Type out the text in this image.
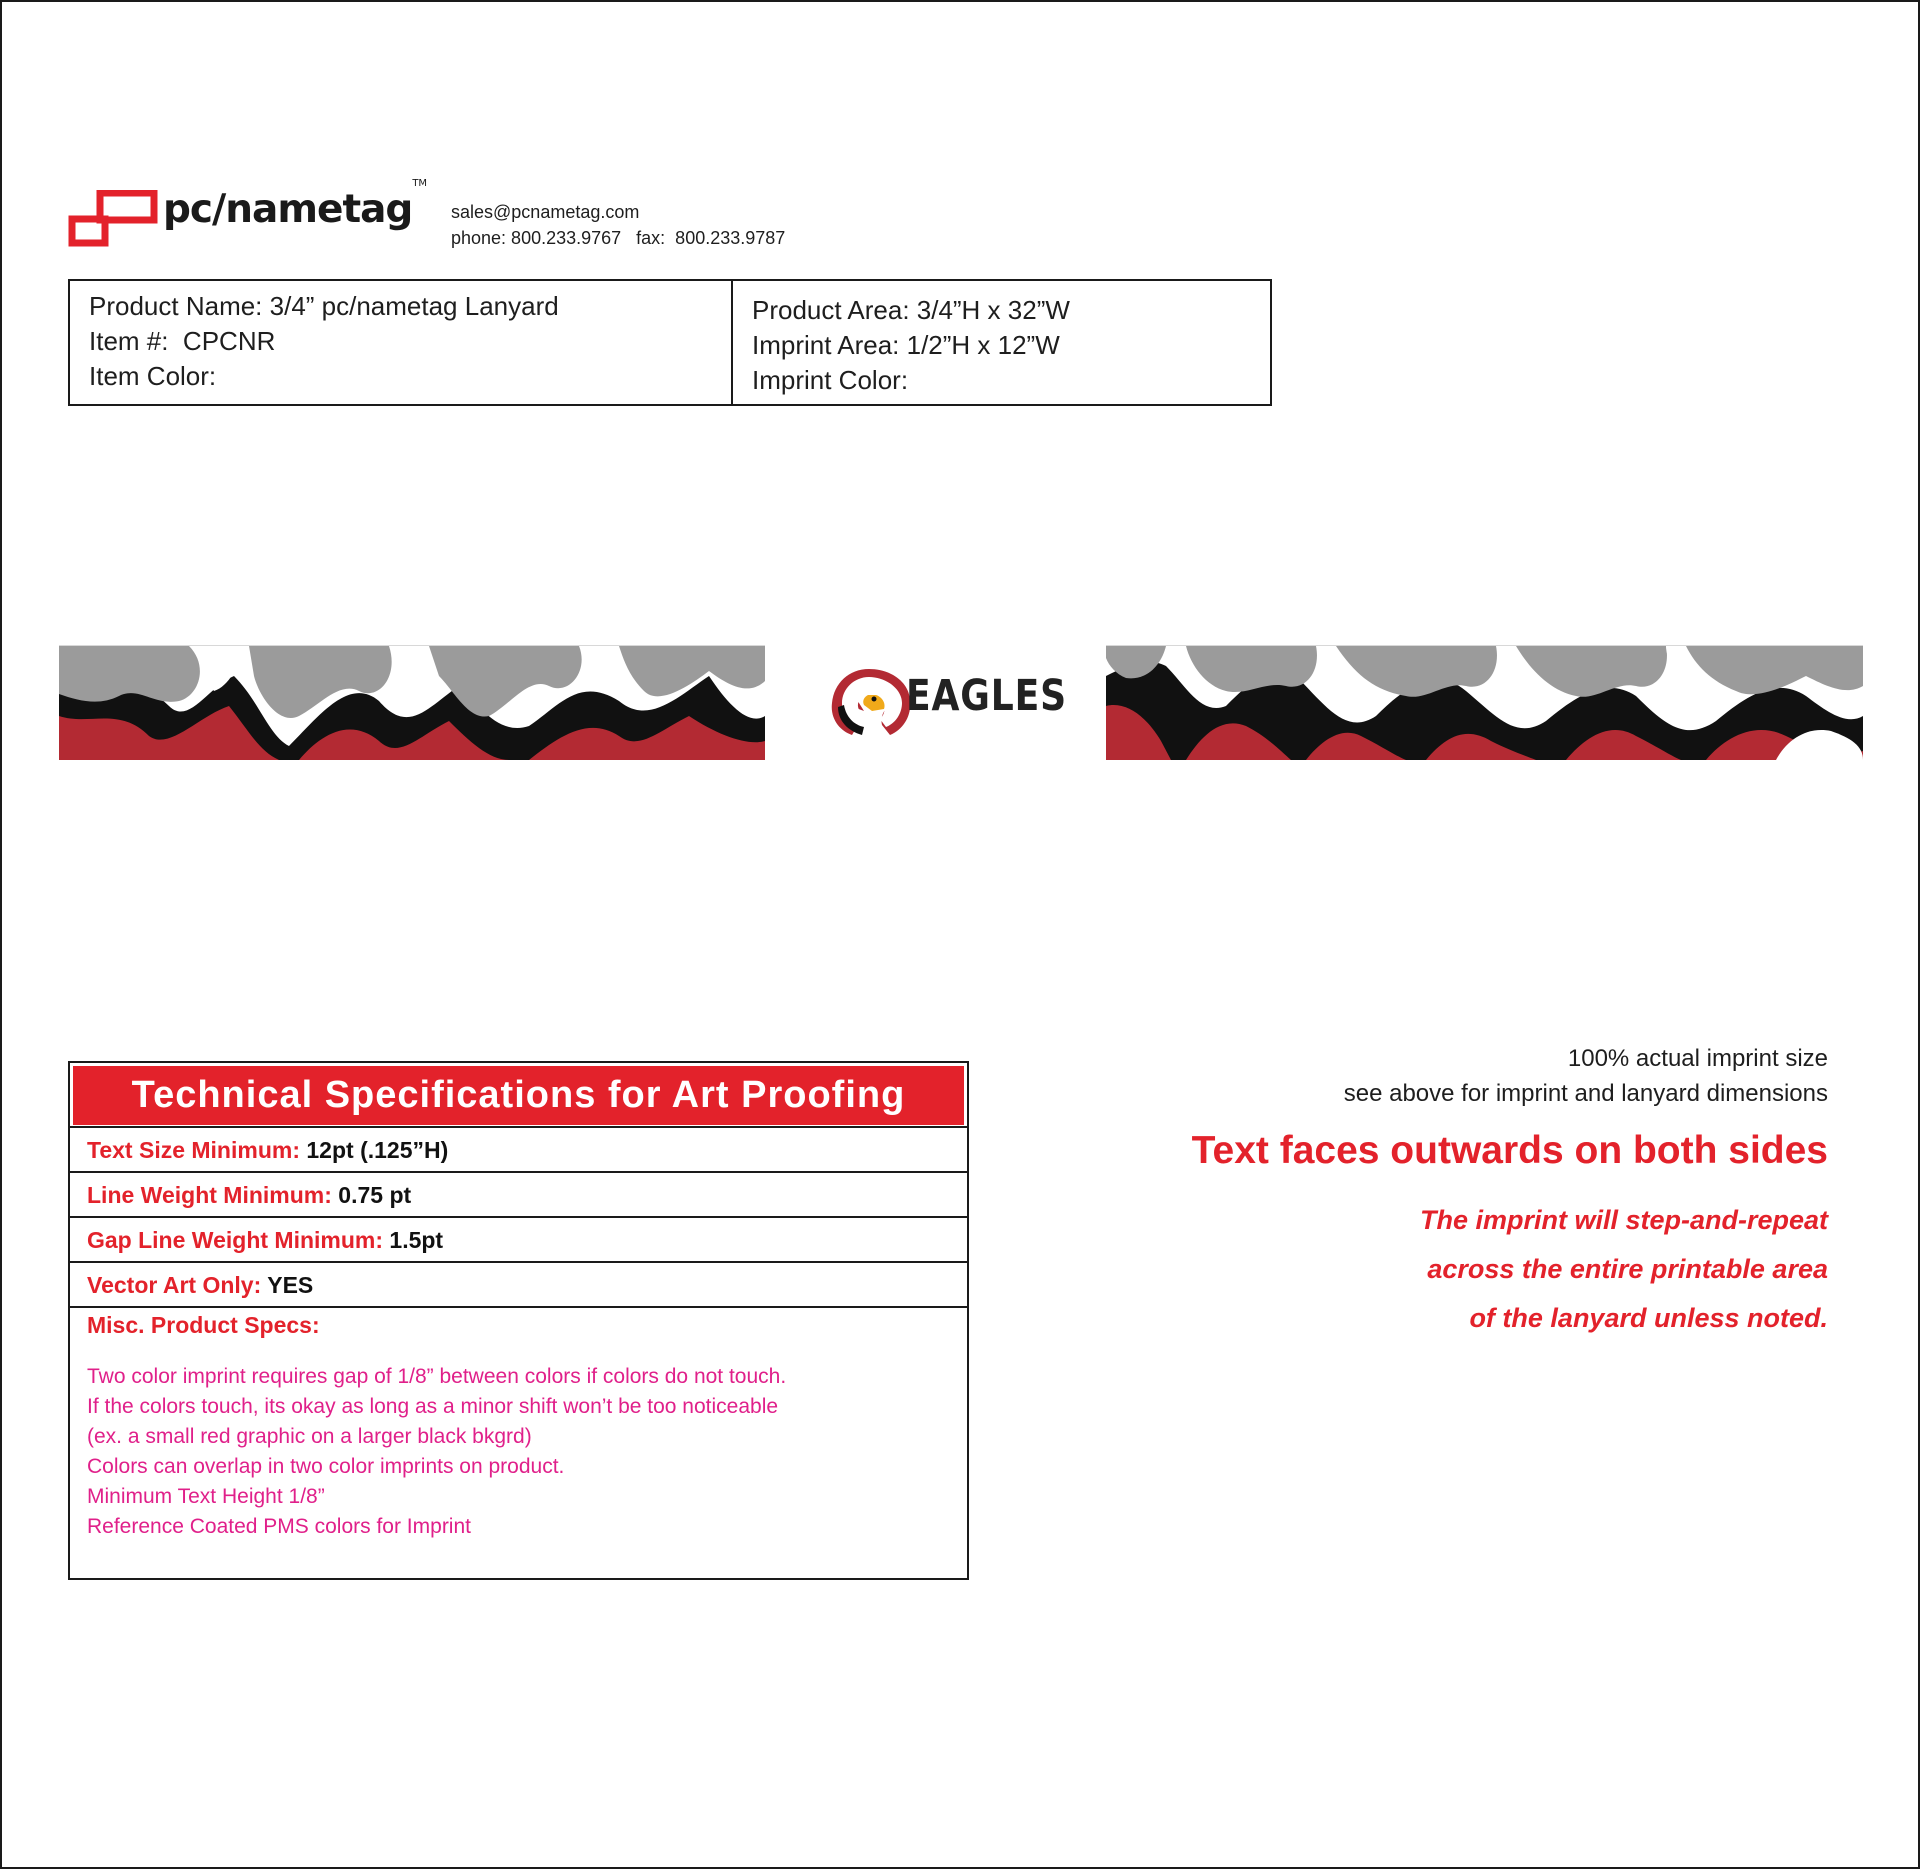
pc/nametag™
sales@pcnametag.com
phone: 800.233.9767   fax:  800.233.9787
Product Name: 3/4” pc/nametag Lanyard
Item #:  CPCNR
Item Color:
Product Area: 3/4”H x 32”W
Imprint Area: 1/2”H x 12”W
Imprint Color:
EAGLES
Technical Specifications for Art Proofing
Text Size Minimum: 12pt (.125”H)
Line Weight Minimum: 0.75 pt
Gap Line Weight Minimum: 1.5pt
Vector Art Only: YES
Misc. Product Specs:
Two color imprint requires gap of 1/8” between colors if colors do not touch.
If the colors touch, its okay as long as a minor shift won’t be too noticeable
(ex. a small red graphic on a larger black bkgrd)
Colors can overlap in two color imprints on product.
Minimum Text Height 1/8”
Reference Coated PMS colors for Imprint
100% actual imprint size
see above for imprint and lanyard dimensions
Text faces outwards on both sides
The imprint will step-and-repeat
across the entire printable area
of the lanyard unless noted.
